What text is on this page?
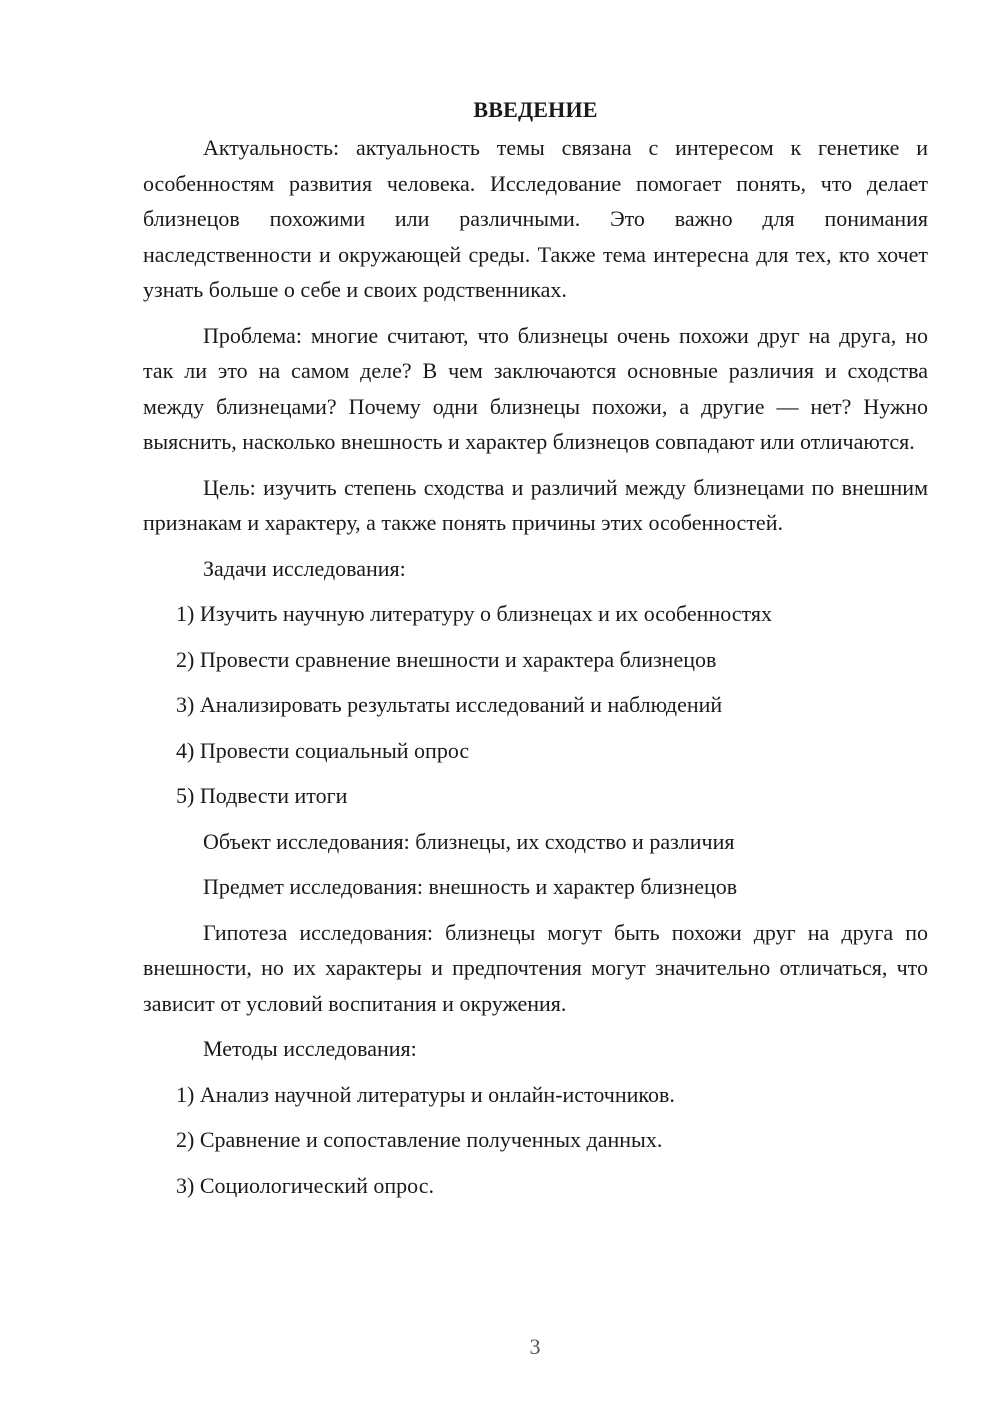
ВВЕДЕНИЕ

Актуальность: актуальность темы связана с интересом к генетике и особенностям развития человека. Исследование помогает понять, что делает близнецов похожими или различными. Это важно для понимания наследственности и окружающей среды. Также тема интересна для тех, кто хочет узнать больше о себе и своих родственниках.

Проблема: многие считают, что близнецы очень похожи друг на друга, но так ли это на самом деле? В чем заключаются основные различия и сходства между близнецами? Почему одни близнецы похожи, а другие — нет? Нужно выяснить, насколько внешность и характер близнецов совпадают или отличаются.

Цель: изучить степень сходства и различий между близнецами по внешним признакам и характеру, а также понять причины этих особенностей.

Задачи исследования:
1) Изучить научную литературу о близнецах и их особенностях
2) Провести сравнение внешности и характера близнецов
3) Анализировать результаты исследований и наблюдений
4) Провести социальный опрос
5) Подвести итоги
Объект исследования: близнецы, их сходство и различия
Предмет исследования: внешность и характер близнецов

Гипотеза исследования: близнецы могут быть похожи друг на друга по внешности, но их характеры и предпочтения могут значительно отличаться, что зависит от условий воспитания и окружения.

Методы исследования:
1) Анализ научной литературы и онлайн-источников.
2) Сравнение и сопоставление полученных данных.
3) Социологический опрос.
3
